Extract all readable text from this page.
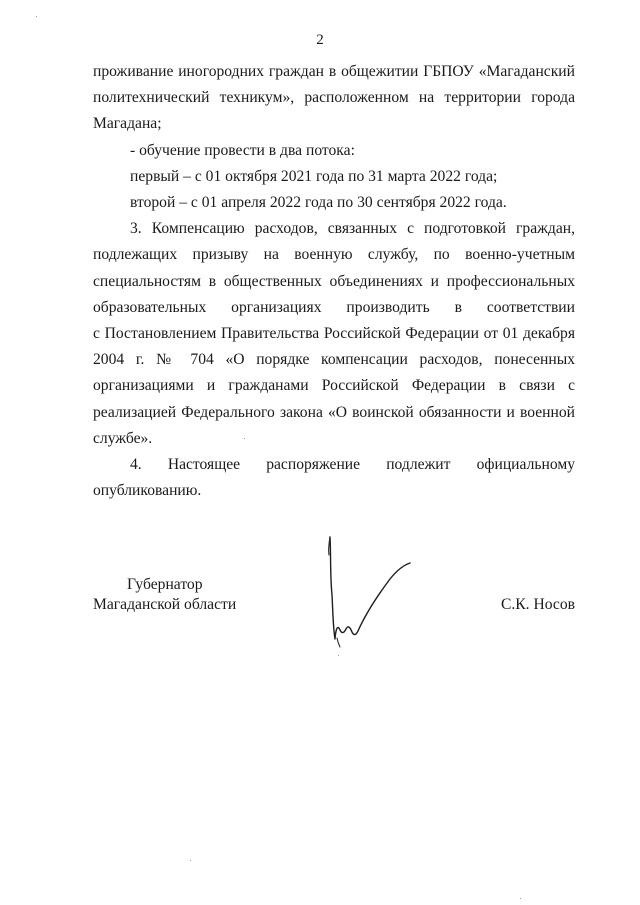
2

проживание иногородних граждан в общежитии ГБПОУ «Магаданский политехнический техникум», расположенном на территории города Магадана;

- обучение провести в два потока:

первый – с 01 октября 2021 года по 31 марта 2022 года;

второй – с 01 апреля 2022 года по 30 сентября 2022 года.

3. Компенсацию расходов, связанных с подготовкой граждан, подлежащих призыву на военную службу, по военно-учетным специальностям в общественных объединениях и профессиональных образовательных организациях производить в соответствии

с Постановлением Правительства Российской Федерации от 01 декабря 2004 г. № 704 «О порядке компенсации расходов, понесенных организациями и гражданами Российской Федерации в связи с реализацией Федерального закона «О воинской обязанности и военной службе».

4. Настоящее распоряжение подлежит официальному опубликованию.

Губернатор
Магаданской области	С.К. Носов
